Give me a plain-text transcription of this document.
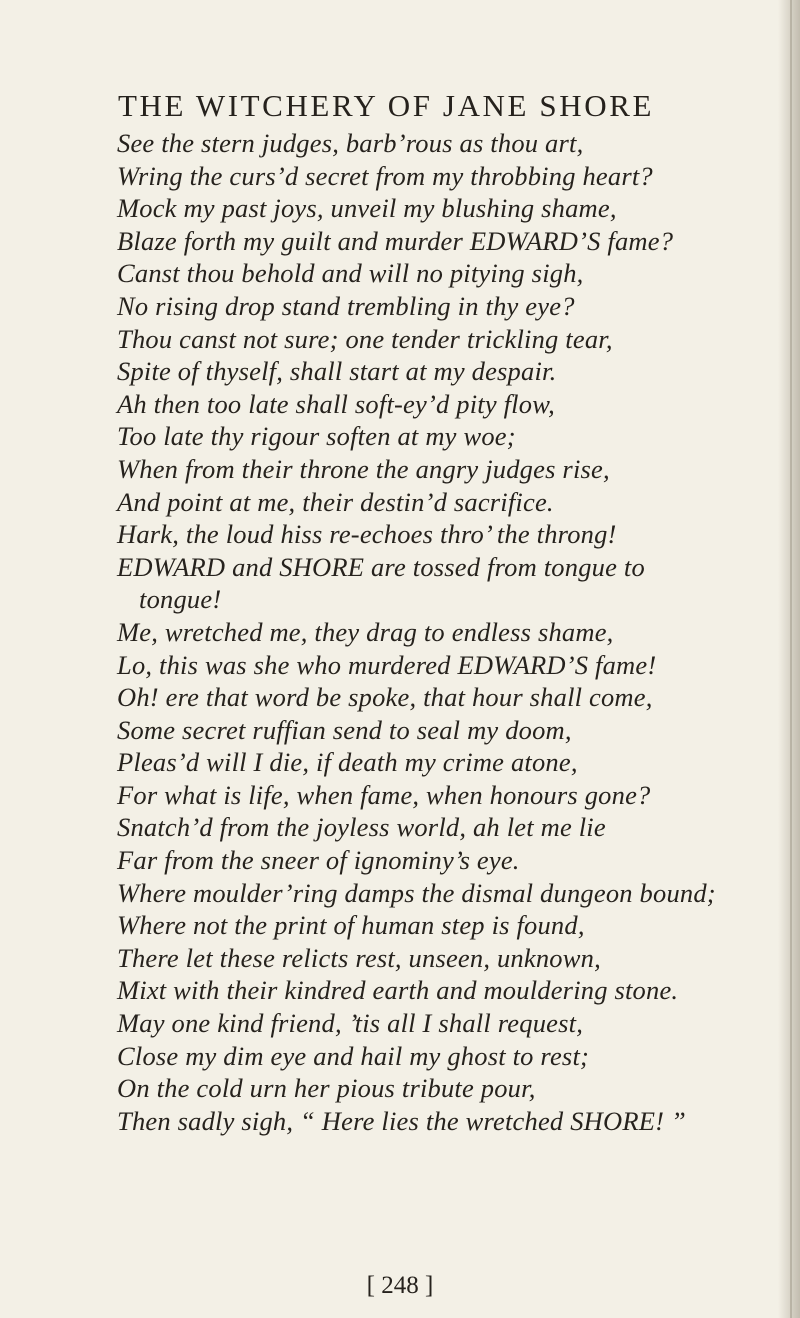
THE WITCHERY OF JANE SHORE
See the stern judges, barb’rous as thou art,
Wring the curs’d secret from my throbbing heart?
Mock my past joys, unveil my blushing shame,
Blaze forth my guilt and murder EDWARD’S fame?
Canst thou behold and will no pitying sigh,
No rising drop stand trembling in thy eye?
Thou canst not sure; one tender trickling tear,
Spite of thyself, shall start at my despair.
Ah then too late shall soft-ey’d pity flow,
Too late thy rigour soften at my woe;
When from their throne the angry judges rise,
And point at me, their destin’d sacrifice.
Hark, the loud hiss re-echoes thro’ the throng!
EDWARD and SHORE are tossed from tongue to
tongue!
Me, wretched me, they drag to endless shame,
Lo, this was she who murdered EDWARD’S fame!
Oh! ere that word be spoke, that hour shall come,
Some secret ruffian send to seal my doom,
Pleas’d will I die, if death my crime atone,
For what is life, when fame, when honours gone?
Snatch’d from the joyless world, ah let me lie
Far from the sneer of ignominy’s eye.
Where moulder’ring damps the dismal dungeon bound;
Where not the print of human step is found,
There let these relicts rest, unseen, unknown,
Mixt with their kindred earth and mouldering stone.
May one kind friend, ’tis all I shall request,
Close my dim eye and hail my ghost to rest;
On the cold urn her pious tribute pour,
Then sadly sigh, “ Here lies the wretched SHORE! ”
[ 248 ]
